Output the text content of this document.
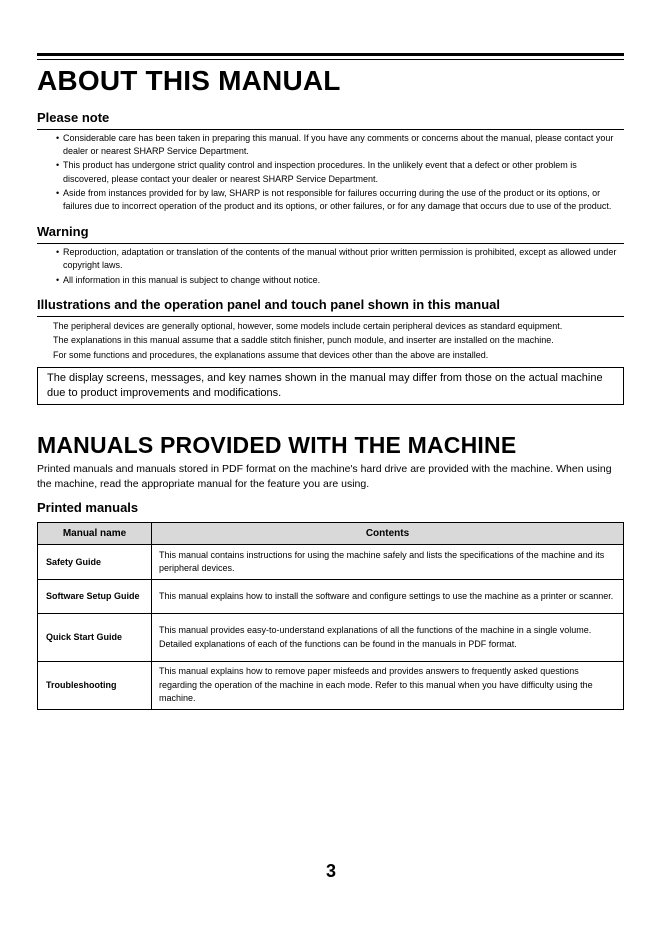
ABOUT THIS MANUAL
Please note
• Considerable care has been taken in preparing this manual. If you have any comments or concerns about the manual, please contact your dealer or nearest SHARP Service Department.
• This product has undergone strict quality control and inspection procedures. In the unlikely event that a defect or other problem is discovered, please contact your dealer or nearest SHARP Service Department.
• Aside from instances provided for by law, SHARP is not responsible for failures occurring during the use of the product or its options, or failures due to incorrect operation of the product and its options, or other failures, or for any damage that occurs due to use of the product.
Warning
• Reproduction, adaptation or translation of the contents of the manual without prior written permission is prohibited, except as allowed under copyright laws.
• All information in this manual is subject to change without notice.
Illustrations and the operation panel and touch panel shown in this manual
The peripheral devices are generally optional, however, some models include certain peripheral devices as standard equipment.
The explanations in this manual assume that a saddle stitch finisher, punch module, and inserter are installed on the machine.
For some functions and procedures, the explanations assume that devices other than the above are installed.
The display screens, messages, and key names shown in the manual may differ from those on the actual machine due to product improvements and modifications.
MANUALS PROVIDED WITH THE MACHINE
Printed manuals and manuals stored in PDF format on the machine's hard drive are provided with the machine. When using the machine, read the appropriate manual for the feature you are using.
Printed manuals
Manual name	Contents
Safety Guide	This manual contains instructions for using the machine safely and lists the specifications of the machine and its peripheral devices.

Software Setup Guide	This manual explains how to install the software and configure settings to use the machine as a printer or scanner.

Quick Start Guide	This manual provides easy-to-understand explanations of all the functions of the machine in a single volume.
Detailed explanations of each of the functions can be found in the manuals in PDF format.

Troubleshooting	This manual explains how to remove paper misfeeds and provides answers to frequently asked questions regarding the operation of the machine in each mode. Refer to this manual when you have difficulty using the machine.
3
